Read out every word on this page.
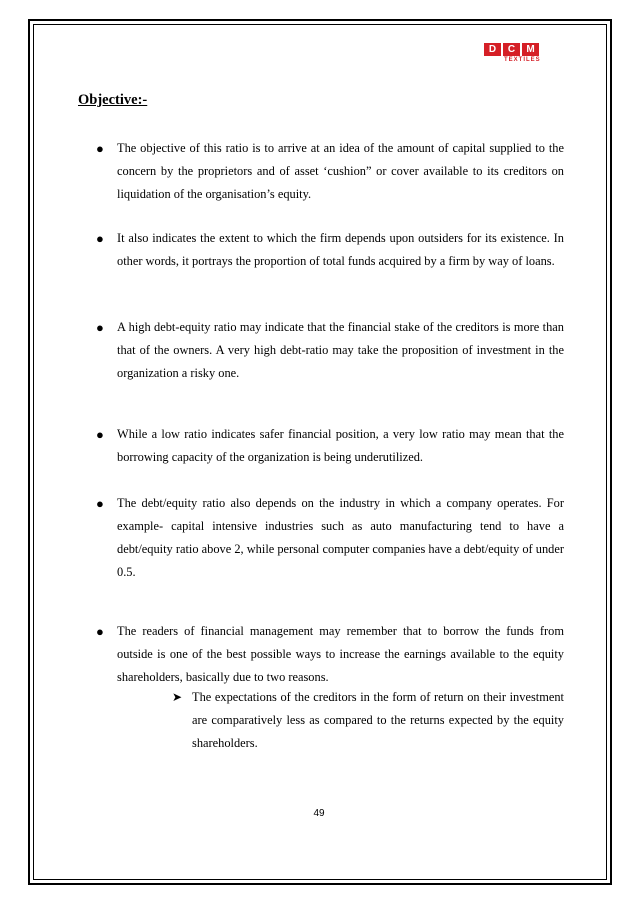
D	C	M
TEXTILES
Objective:-
●	The objective of this ratio is to arrive at an idea of the amount of capital supplied to the concern by the proprietors and of asset ‘cushion” or cover available to its creditors on liquidation of the organisation’s equity.
●	It also indicates the extent to which the firm depends upon outsiders for its existence. In other words, it portrays the proportion of total funds acquired by a firm by way of loans.
●	A high debt-equity ratio may indicate that the financial stake of the creditors is more than that of the owners. A very high debt-ratio may take the proposition of investment in the organization a risky one.
●	While a low ratio indicates safer financial position, a very low ratio may mean that the borrowing capacity of the organization is being underutilized.
●	The debt/equity ratio also depends on the industry in which a company operates. For example- capital intensive industries such as auto manufacturing tend to have a debt/equity ratio above 2, while personal computer companies have a debt/equity of under 0.5.
●	The readers of financial management may remember that to borrow the funds from outside is one of the best possible ways to increase the earnings available to the equity shareholders, basically due to two reasons.
➤ The expectations of the creditors in the form of return on their investment are comparatively less as compared to the returns expected by the equity shareholders.
49
